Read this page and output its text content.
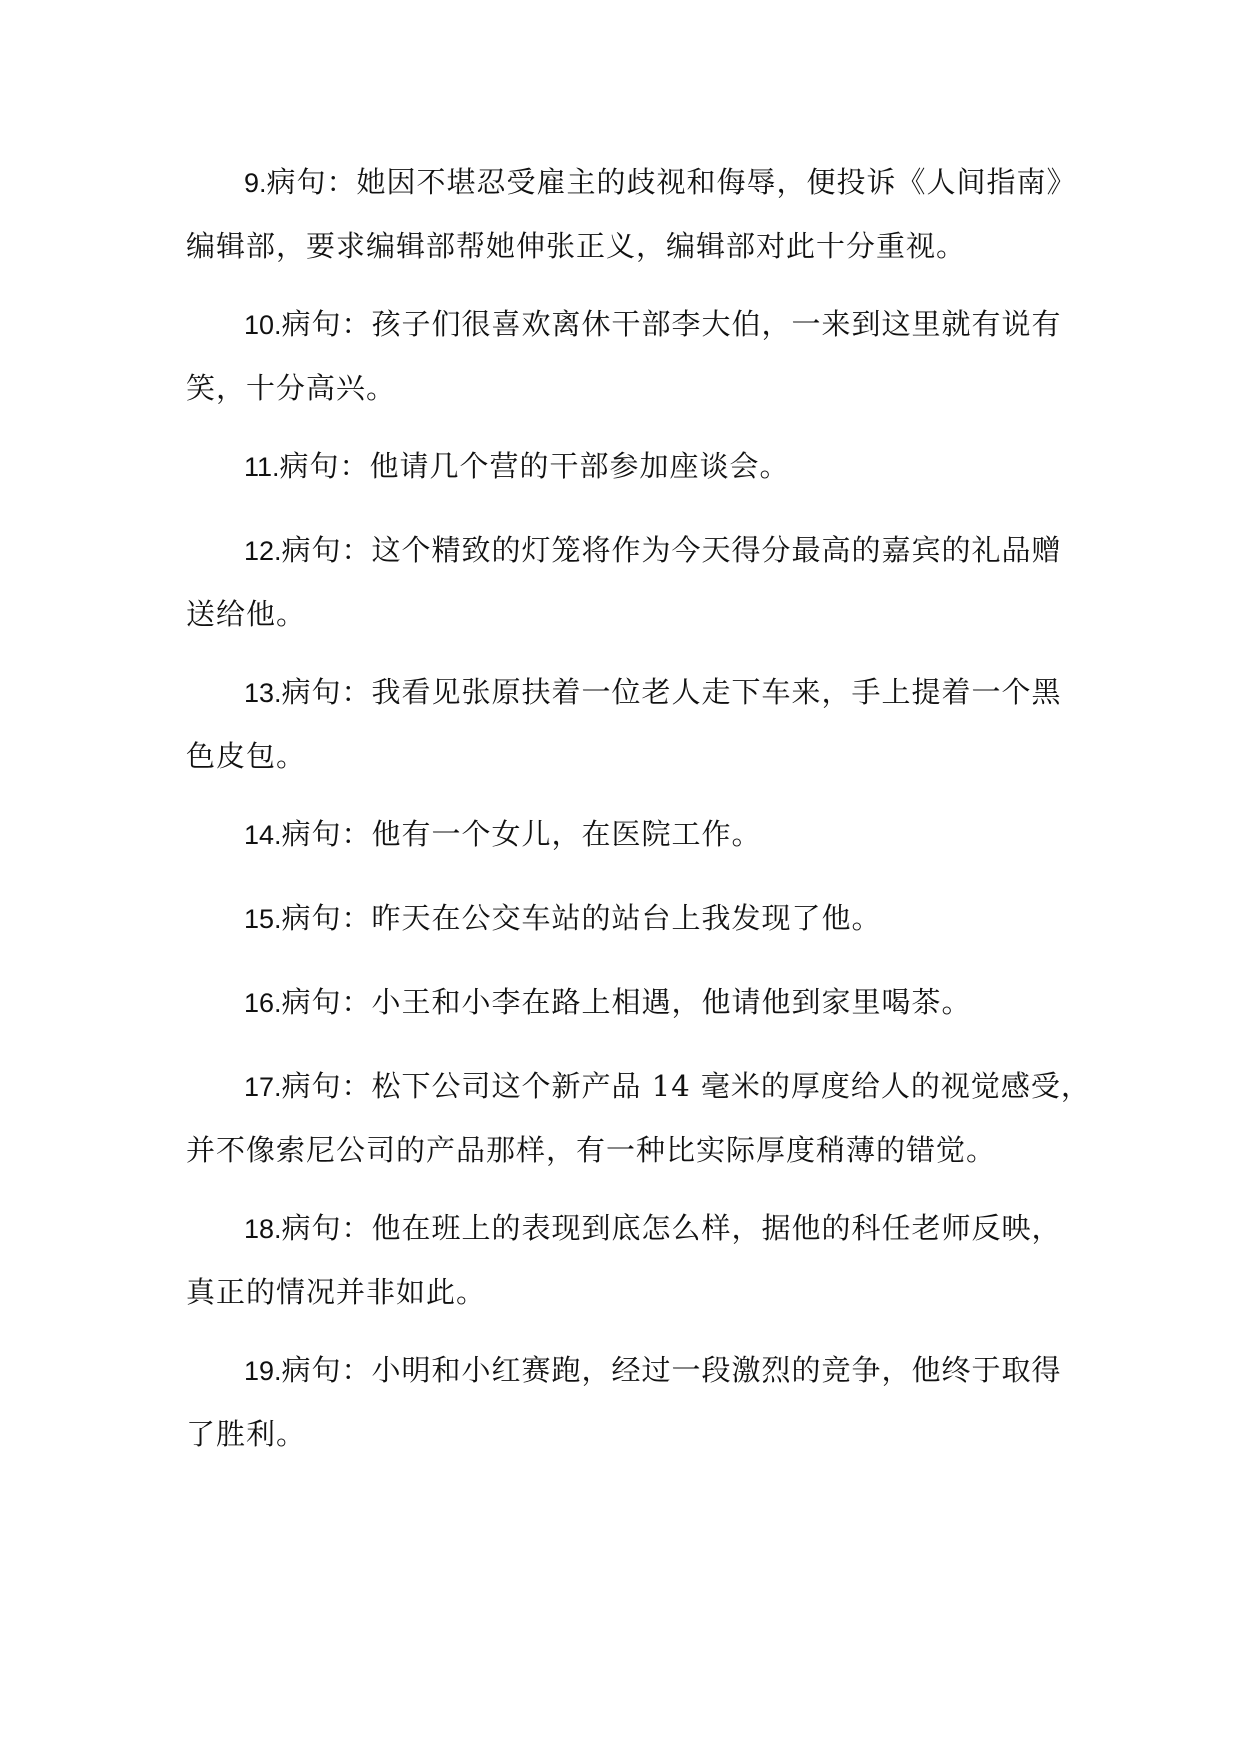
9.病句：她因不堪忍受雇主的歧视和侮辱，便投诉《人间指南》
编辑部，要求编辑部帮她伸张正义，编辑部对此十分重视。

10.病句：孩子们很喜欢离休干部李大伯，一来到这里就有说有
笑，十分高兴。

11.病句：他请几个营的干部参加座谈会。

12.病句：这个精致的灯笼将作为今天得分最高的嘉宾的礼品赠
送给他。

13.病句：我看见张原扶着一位老人走下车来，手上提着一个黑
色皮包。

14.病句：他有一个女儿，在医院工作。

15.病句：昨天在公交车站的站台上我发现了他。

16.病句：小王和小李在路上相遇，他请他到家里喝茶。

17.病句：松下公司这个新产品 14 毫米的厚度给人的视觉感受，
并不像索尼公司的产品那样，有一种比实际厚度稍薄的错觉。

18.病句：他在班上的表现到底怎么样，据他的科任老师反映，
真正的情况并非如此。

19.病句：小明和小红赛跑，经过一段激烈的竞争，他终于取得
了胜利。
